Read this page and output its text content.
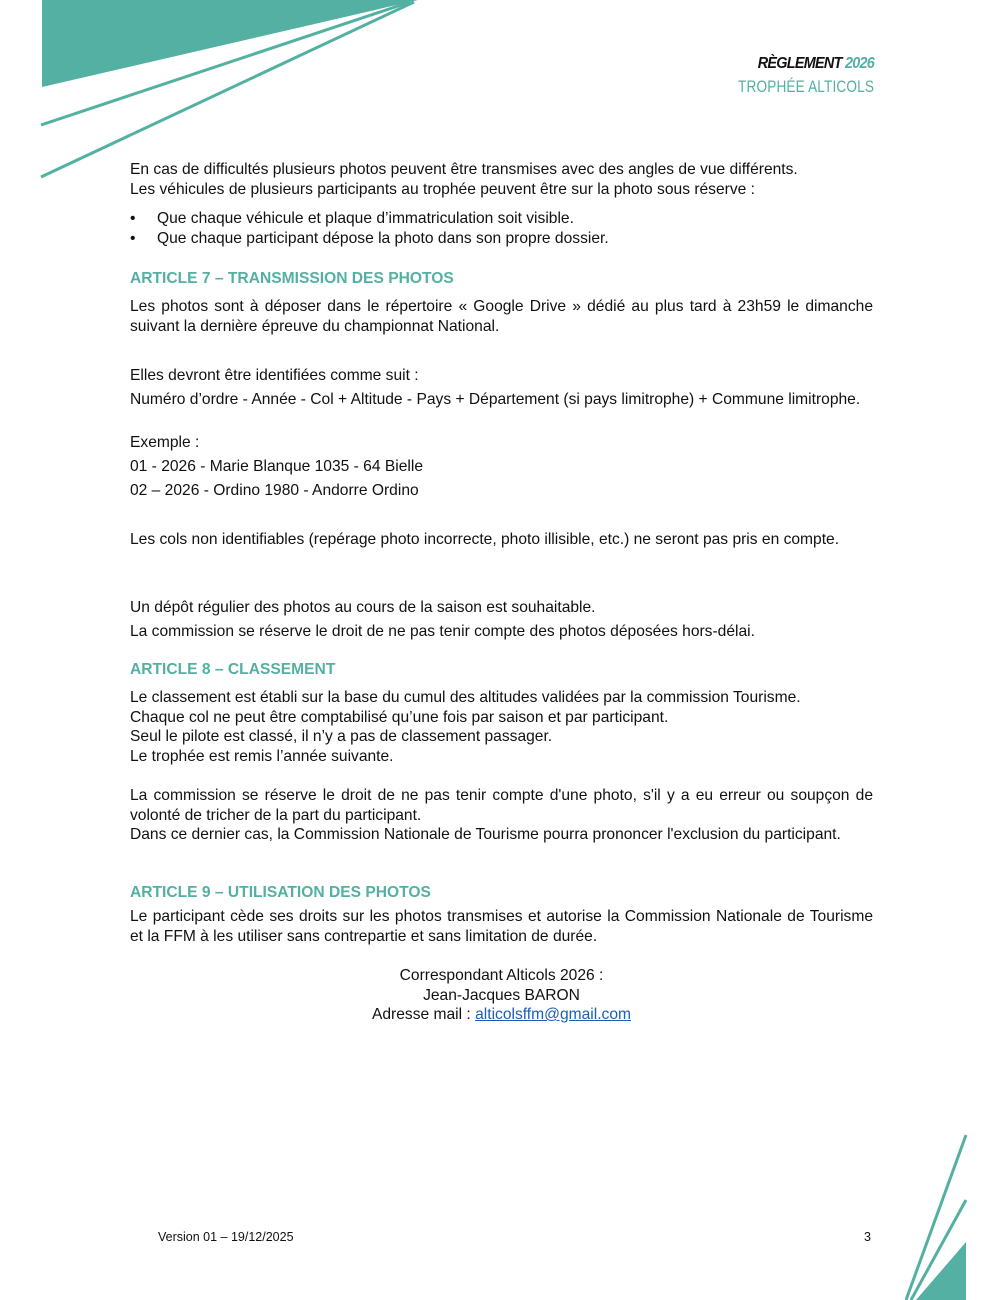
RÈGLEMENT 2026
TROPHÉE ALTICOLS
En cas de difficultés plusieurs photos peuvent être transmises avec des angles de vue différents.
Les véhicules de plusieurs participants au trophée peuvent être sur la photo sous réserve :
• Que chaque véhicule et plaque d’immatriculation soit visible.
• Que chaque participant dépose la photo dans son propre dossier.
ARTICLE 7 – TRANSMISSION DES PHOTOS
Les photos sont à déposer dans le répertoire « Google Drive » dédié au plus tard à 23h59 le dimanche suivant la dernière épreuve du championnat National.
Elles devront être identifiées comme suit :
Numéro d’ordre - Année - Col + Altitude - Pays + Département (si pays limitrophe) + Commune limitrophe.
Exemple :
01 - 2026 - Marie Blanque 1035 - 64 Bielle
02 – 2026 - Ordino 1980 - Andorre Ordino
Les cols non identifiables (repérage photo incorrecte, photo illisible, etc.) ne seront pas pris en compte.
Un dépôt régulier des photos au cours de la saison est souhaitable.
La commission se réserve le droit de ne pas tenir compte des photos déposées hors-délai.
ARTICLE 8 – CLASSEMENT
Le classement est établi sur la base du cumul des altitudes validées par la commission Tourisme.
Chaque col ne peut être comptabilisé qu’une fois par saison et par participant.
Seul le pilote est classé, il n’y a pas de classement passager.
Le trophée est remis l’année suivante.
La commission se réserve le droit de ne pas tenir compte d'une photo, s'il y a eu erreur ou soupçon de volonté de tricher de la part du participant.
Dans ce dernier cas, la Commission Nationale de Tourisme pourra prononcer l'exclusion du participant.
ARTICLE 9 – UTILISATION DES PHOTOS
Le participant cède ses droits sur les photos transmises et autorise la Commission Nationale de Tourisme et la FFM à les utiliser sans contrepartie et sans limitation de durée.
Correspondant Alticols 2026 :
Jean-Jacques BARON
Adresse mail : alticolsffm@gmail.com
Version 01 – 19/12/2025	3
